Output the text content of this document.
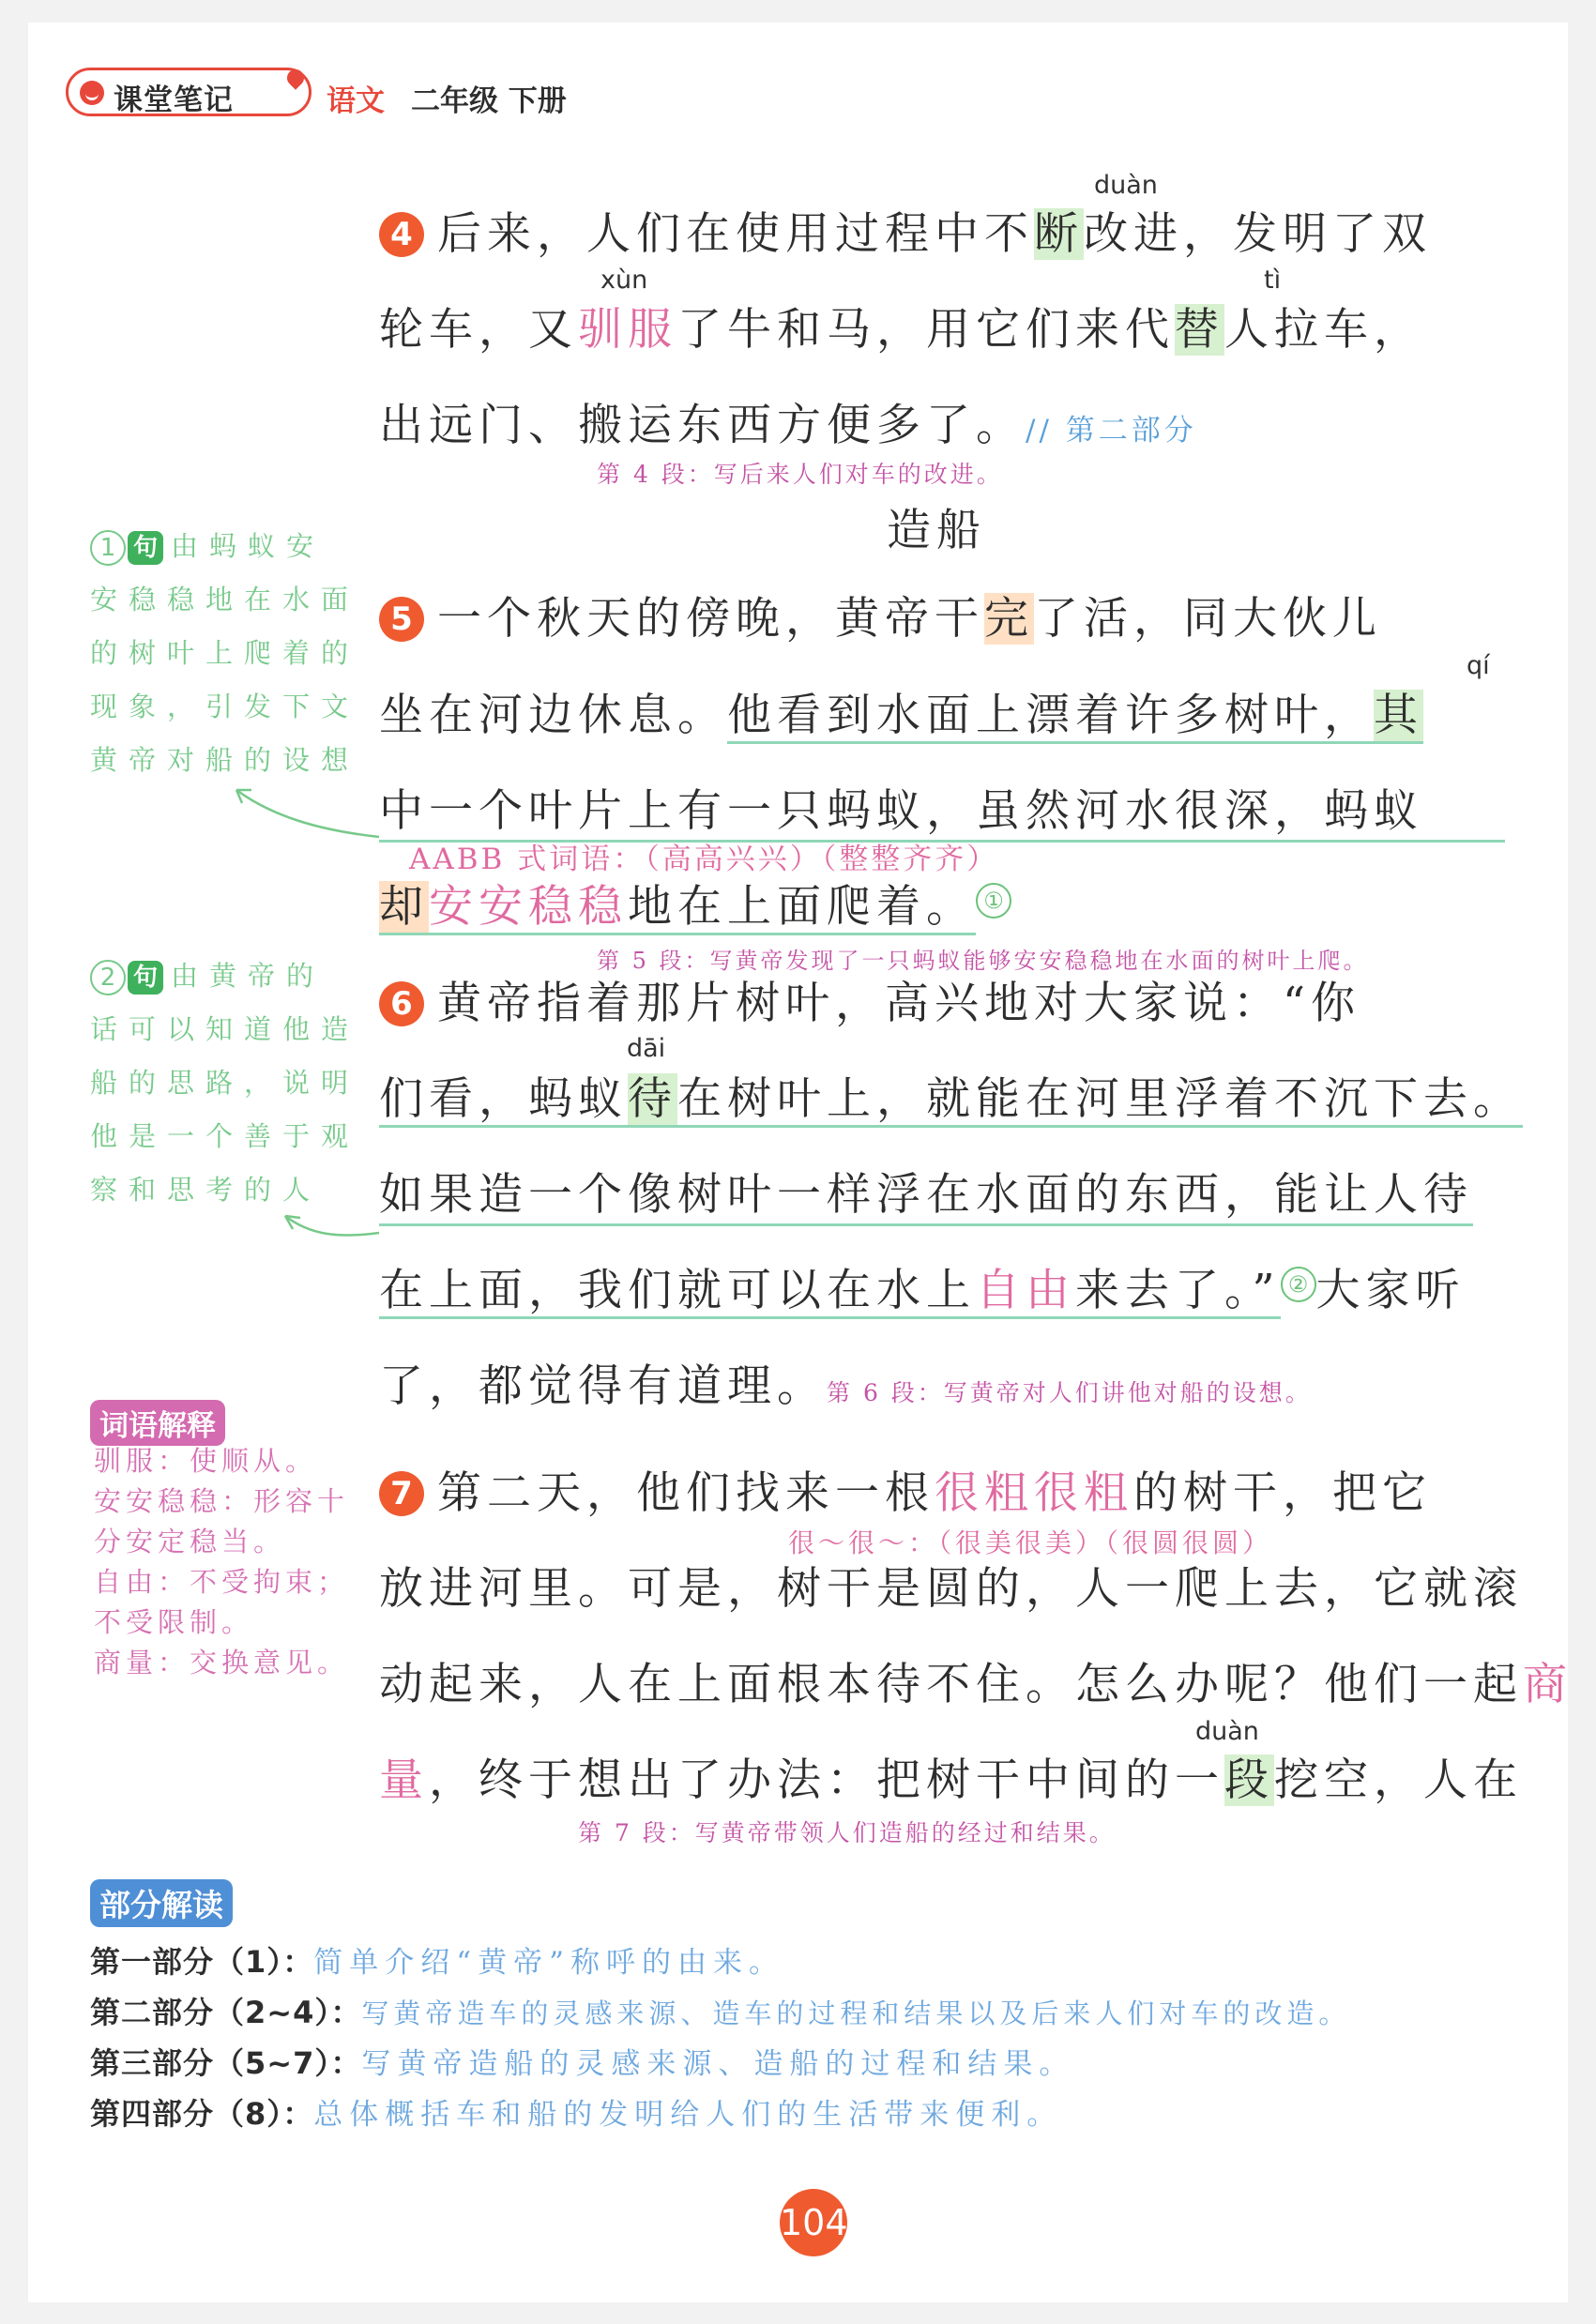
课堂笔记	语文 二年级 下册
duàn
4 后来，人们在使用过程中不断改进，发明了双
xùn	tì
轮车，又驯服了牛和马，用它们来代替人拉车，
出远门、搬运东西方便多了。// 第二部分
第 4 段：写后来人们对车的改进。
造船
5 一个秋天的傍晚，黄帝干完了活，同大伙儿
qí
坐在河边休息。他看到水面上漂着许多树叶，其
中一个叶片上有一只蚂蚁，虽然河水很深，蚂蚁
AABB 式词语：（高高兴兴）（整整齐齐）
却安安稳稳地在上面爬着。 ①
第 5 段：写黄帝发现了一只蚂蚁能够安安稳稳地在水面的树叶上爬。
6 黄帝指着那片树叶，高兴地对大家说：“你
dāi
们看，蚂蚁待在树叶上，就能在河里浮着不沉下去。
如果造一个像树叶一样浮在水面的东西，能让人待
在上面，我们就可以在水上自由来去了。” ② 大家听
了，都觉得有道理。第 6 段：写黄帝对人们讲他对船的设想。
7 第二天，他们找来一根很粗很粗的树干，把它
很～很～：（很美很美）（很圆很圆）
放进河里。可是，树干是圆的，人一爬上去，它就滚
动起来，人在上面根本待不住。怎么办呢？他们一起商
duàn
量，终于想出了办法：把树干中间的一段挖空，人在
第 7 段：写黄帝带领人们造船的经过和结果。
1 句 由蚂蚁安安稳稳地在水面的树叶上爬着的现象，引发下文黄帝对船的设想
2 句 由黄帝的话可以知道他造船的思路，说明他是一个善于观察和思考的人
词语解释
驯服：使顺从。
安安稳稳：形容十分安定稳当。
自由：不受拘束；不受限制。
商量：交换意见。
部分解读
第一部分（1）：简单介绍“黄帝”称呼的由来。
第二部分（2~4）：写黄帝造车的灵感来源、造车的过程和结果以及后来人们对车的改造。
第三部分（5~7）：写黄帝造船的灵感来源、造船的过程和结果。
第四部分（8）：总体概括车和船的发明给人们的生活带来便利。
104
